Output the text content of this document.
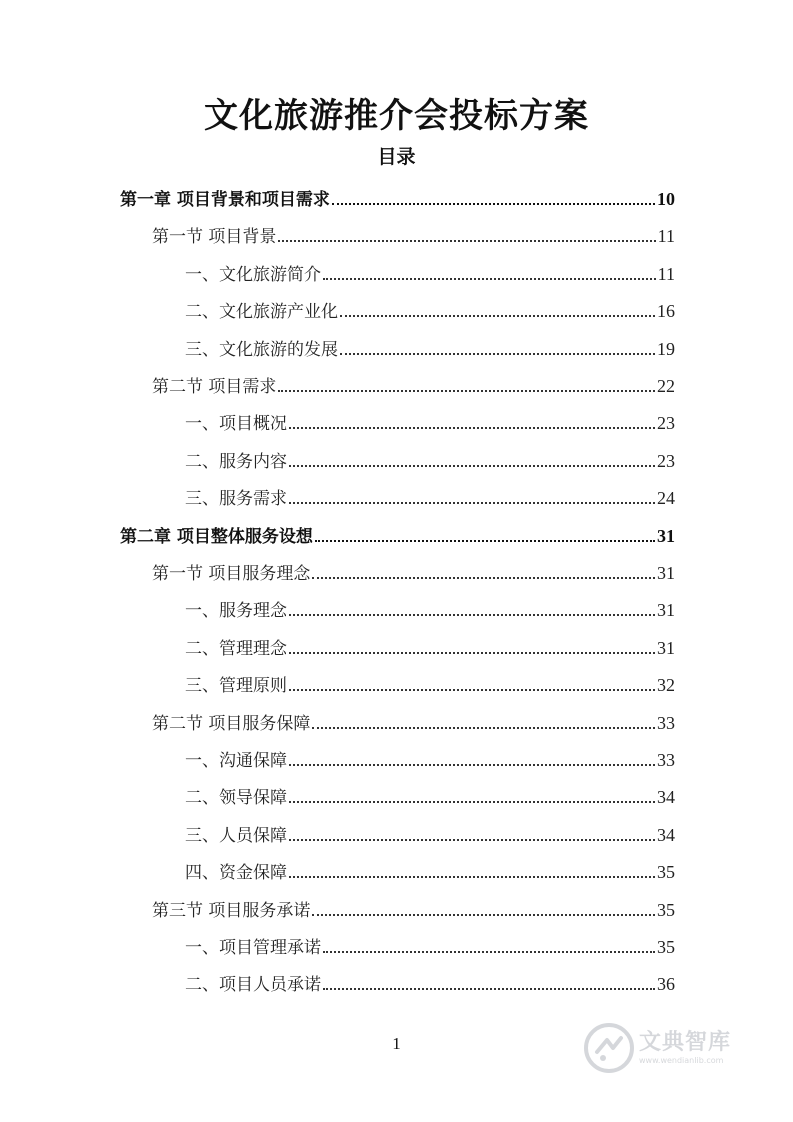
文化旅游推介会投标方案
目录
第一章 项目背景和项目需求	10
第一节 项目背景	11
一、文化旅游简介	11
二、文化旅游产业化	16
三、文化旅游的发展	19
第二节 项目需求	22
一、项目概况	23
二、服务内容	23
三、服务需求	24
第二章 项目整体服务设想	31
第一节 项目服务理念	31
一、服务理念	31
二、管理理念	31
三、管理原则	32
第二节 项目服务保障	33
一、沟通保障	33
二、领导保障	34
三、人员保障	34
四、资金保障	35
第三节 项目服务承诺	35
一、项目管理承诺	35
二、项目人员承诺	36
1	文典智库
www.wendianlib.com
